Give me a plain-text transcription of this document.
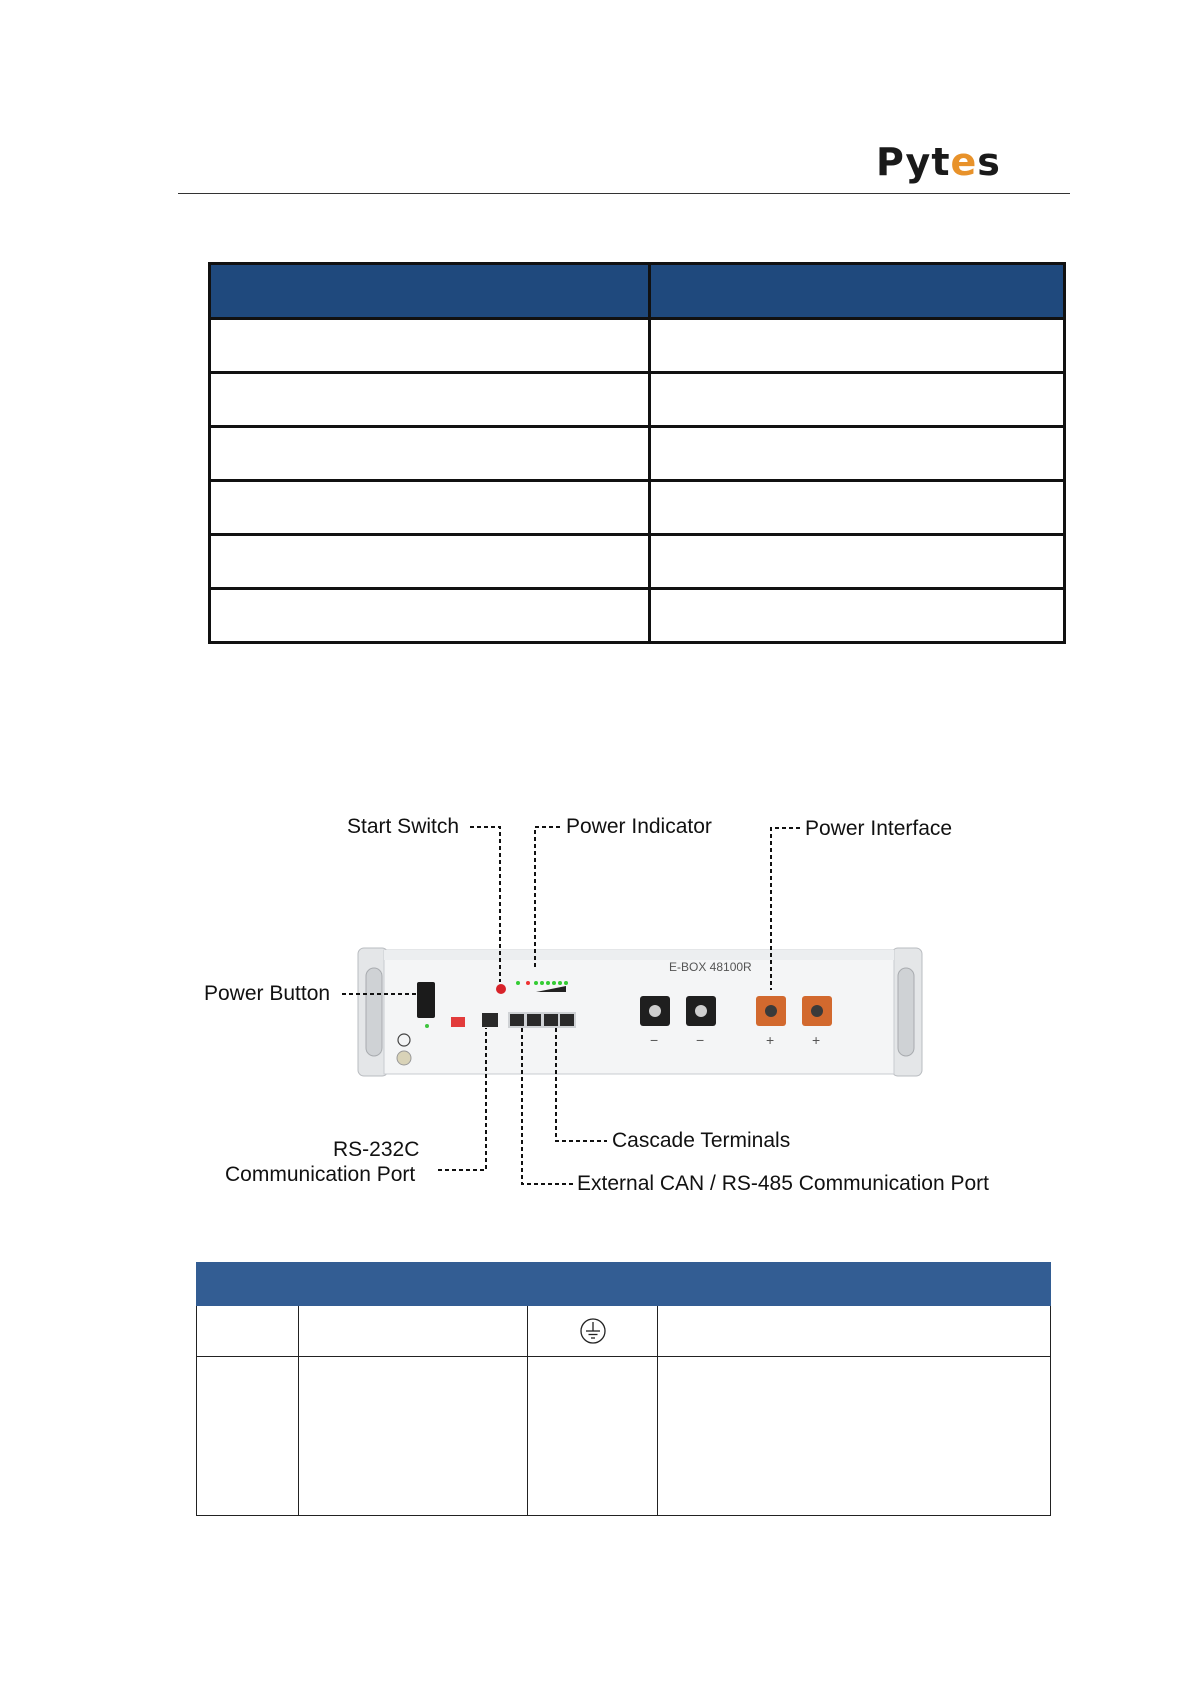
Pytes

E-BOX 48100R
−	−	+	+
Start Switch	Power Indicator	Power Interface
Power Button
RS-232C
Communication Port
Cascade Terminals
External CAN / RS-485 Communication Port
